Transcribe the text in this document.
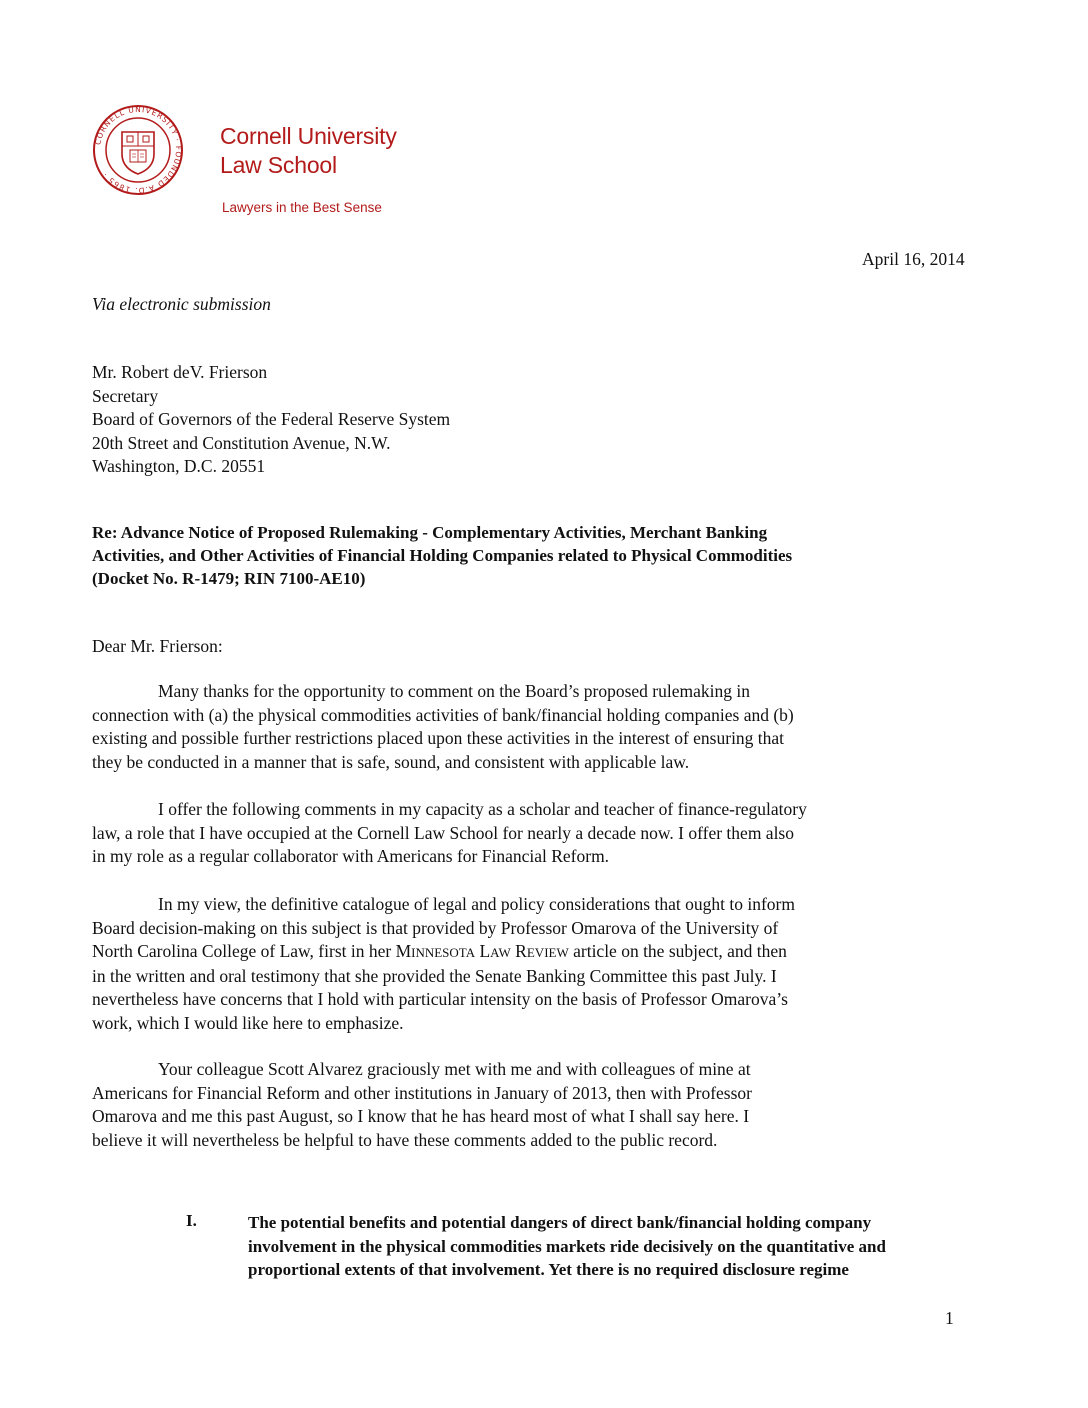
CORNELL UNIVERSITY · FOUNDED A.D. 1865 ·
Cornell University
Law School
Lawyers in the Best Sense
April 16, 2014
Via electronic submission
Mr. Robert deV. Frierson
Secretary
Board of Governors of the Federal Reserve System
20th Street and Constitution Avenue, N.W.
Washington, D.C. 20551
Re: Advance Notice of Proposed Rulemaking - Complementary Activities, Merchant Banking
Activities, and Other Activities of Financial Holding Companies related to Physical Commodities
(Docket No. R-1479; RIN 7100-AE10)
Dear Mr. Frierson:
Many thanks for the opportunity to comment on the Board’s proposed rulemaking in
connection with (a) the physical commodities activities of bank/financial holding companies and (b)
existing and possible further restrictions placed upon these activities in the interest of ensuring that
they be conducted in a manner that is safe, sound, and consistent with applicable law.
I offer the following comments in my capacity as a scholar and teacher of finance-regulatory
law, a role that I have occupied at the Cornell Law School for nearly a decade now. I offer them also
in my role as a regular collaborator with Americans for Financial Reform.
In my view, the definitive catalogue of legal and policy considerations that ought to inform
Board decision-making on this subject is that provided by Professor Omarova of the University of
North Carolina College of Law, first in her MINNESOTA LAW REVIEW article on the subject, and then
in the written and oral testimony that she provided the Senate Banking Committee this past July. I
nevertheless have concerns that I hold with particular intensity on the basis of Professor Omarova’s
work, which I would like here to emphasize.
Your colleague Scott Alvarez graciously met with me and with colleagues of mine at
Americans for Financial Reform and other institutions in January of 2013, then with Professor
Omarova and me this past August, so I know that he has heard most of what I shall say here. I
believe it will nevertheless be helpful to have these comments added to the public record.
I.	The potential benefits and potential dangers of direct bank/financial holding company
involvement in the physical commodities markets ride decisively on the quantitative and
proportional extents of that involvement. Yet there is no required disclosure regime
1
